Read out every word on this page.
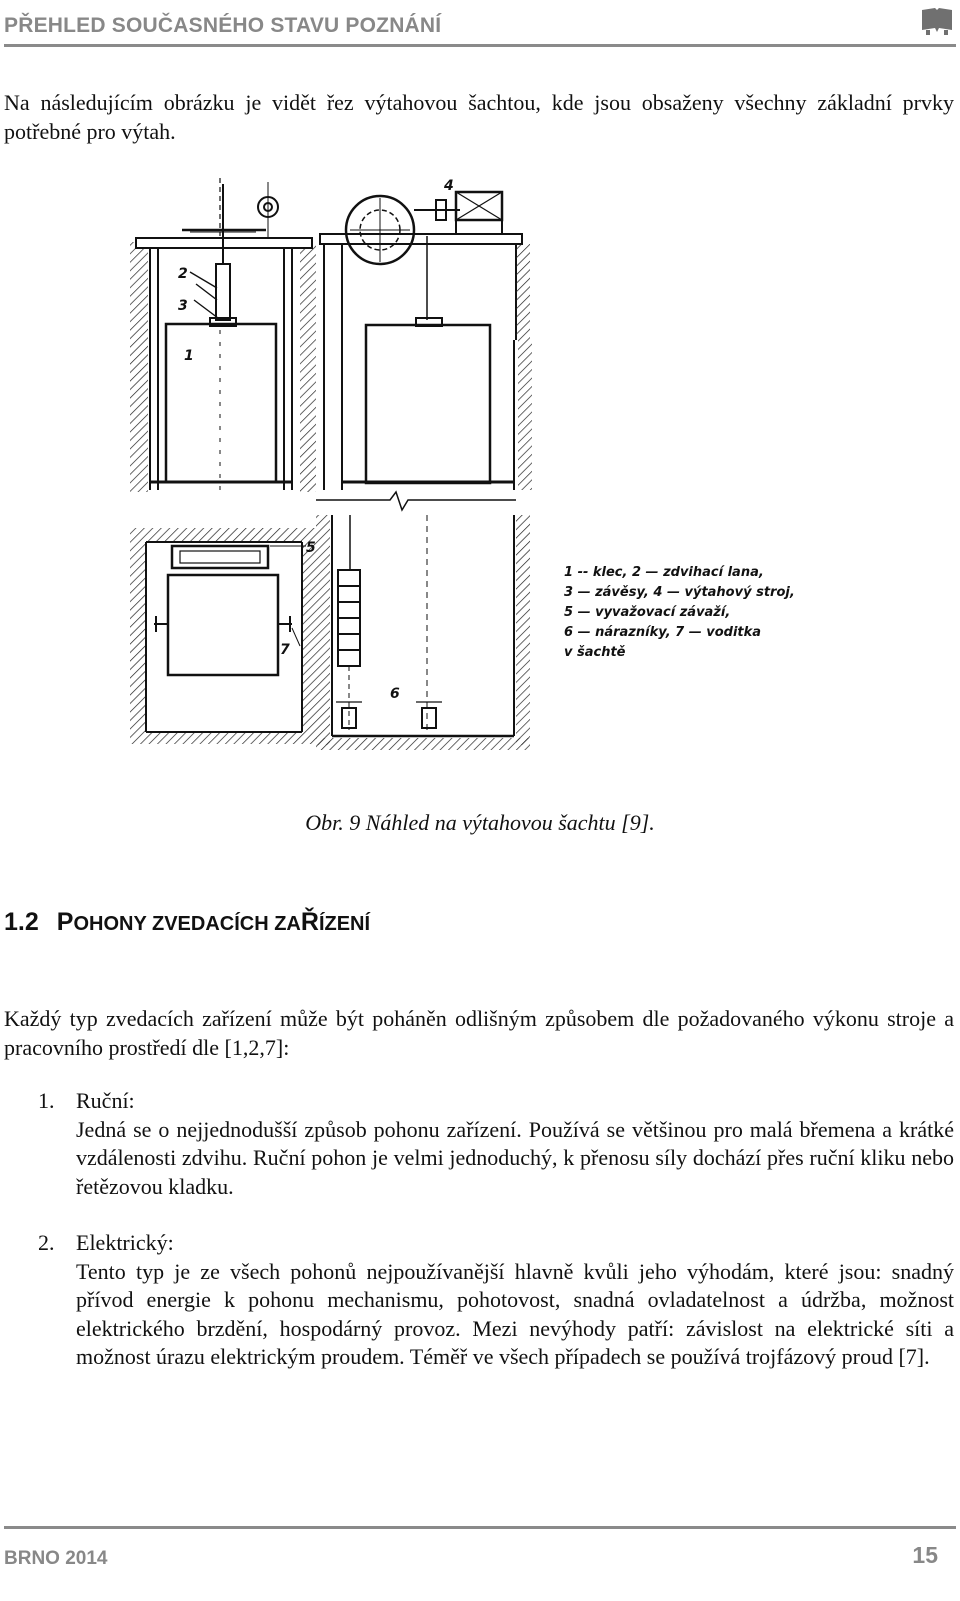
PŘEHLED SOUČASNÉHO STAVU POZNÁNÍ
Na následujícím obrázku je vidět řez výtahovou šachtou, kde jsou obsaženy všechny základní prvky potřebné pro výtah.
1
2
3
4
5
6
7
1 -- klec, 2 — zdvihací lana,
3 — závěsy, 4 — výtahový stroj,
5 — vyvažovací závaží,
6 — nárazníky, 7 — voditka
v šachtě
Obr. 9 Náhled na výtahovou šachtu [9].
1.2 POHONY ZVEDACÍCH ZAŘÍZENÍ
Každý typ zvedacích zařízení může být poháněn odlišným způsobem dle požadovaného výkonu stroje a pracovního prostředí dle [1,2,7]:
1. Ruční:
Jedná se o nejjednodušší způsob pohonu zařízení. Používá se většinou pro malá břemena a krátké vzdálenosti zdvihu. Ruční pohon je velmi jednoduchý, k přenosu síly dochází přes ruční kliku nebo řetězovou kladku.
2. Elektrický:
Tento typ je ze všech pohonů nejpoužívanější hlavně kvůli jeho výhodám, které jsou: snadný přívod energie k pohonu mechanismu, pohotovost, snadná ovladatelnost a údržba, možnost elektrického brzdění, hospodárný provoz. Mezi nevýhody patří: závislost na elektrické síti a možnost úrazu elektrickým proudem. Téměř ve všech případech se používá trojfázový proud [7].
BRNO 2014	15
